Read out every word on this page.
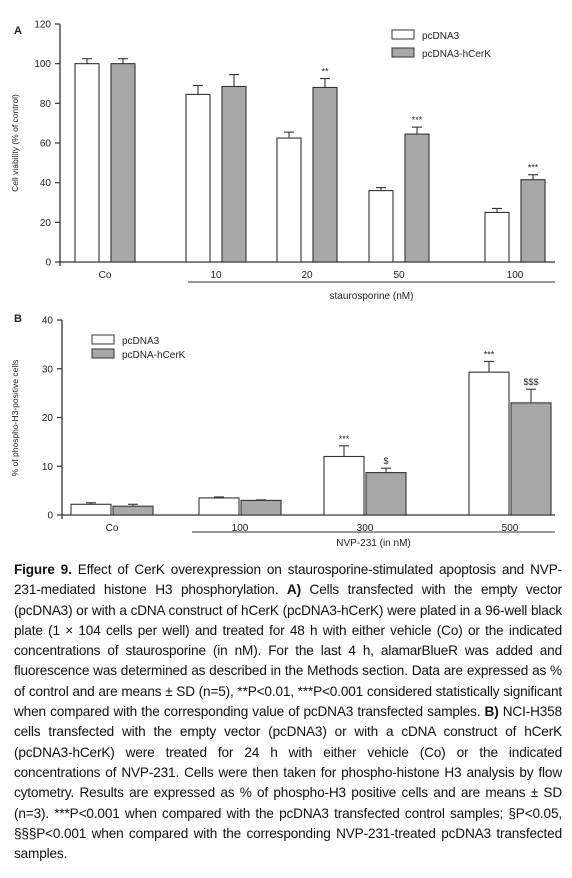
A
0
20
40
60
80
100
120
Cell viability (% of control)
**
***
***
Co	10	20	50	100
staurosporine (nM)
pcDNA3
pcDNA3-hCerK
B
0
10
20
30
40
% of phospho-H3-positive cells	***
***
$
$$$
Co	100	300	500
NVP-231 (in nM)
pcDNA3
pcDNA-hCerK
Figure 9. Effect of CerK overexpression on staurosporine-stimulated apoptosis and NVP-231-mediated histone H3 phosphorylation. A) Cells transfected with the empty vector (pcDNA3) or with a cDNA construct of hCerK (pcDNA3-hCerK) were plated in a 96-well black plate (1 × 104 cells per well) and treated for 48 h with either vehicle (Co) or the indicated concentrations of staurosporine (in nM). For the last 4 h, alamarBlueR was added and fluorescence was determined as described in the Methods section. Data are expressed as % of control and are means ± SD (n=5), **P<0.01, ***P<0.001 considered statistically significant when compared with the corresponding value of pcDNA3 transfected samples. B) NCI-H358 cells transfected with the empty vector (pcDNA3) or with a cDNA construct of hCerK (pcDNA3-hCerK) were treated for 24 h with either vehicle (Co) or the indicated concentrations of NVP-231. Cells were then taken for phospho-histone H3 analysis by flow cytometry. Results are expressed as % of phospho-H3 positive cells and are means ± SD (n=3). ***P<0.001 when compared with the pcDNA3 transfected control samples; §P<0.05, §§§P<0.001 when compared with the corresponding NVP-231-treated pcDNA3 transfected samples.
